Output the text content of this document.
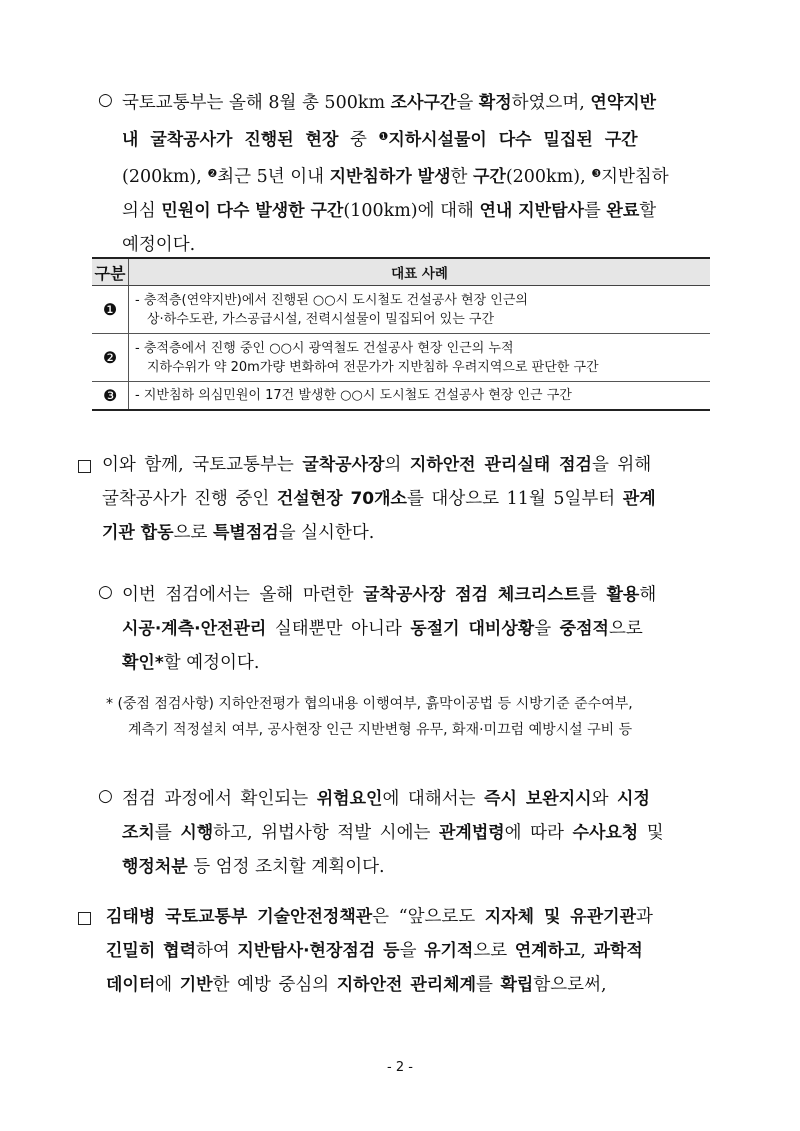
○ 국토교통부는 올해 8월 총 500km 조사구간을 확정하였으며, 연약지반
내 굴착공사가 진행된 현장 중 $^❶$지하시설물이 다수 밀집된 구간
(200km), $^❷$최근 5년 이내 지반침하가 발생한 구간(200km), $^❸$지반침하
의심 민원이 다수 발생한 구간(100km)에 대해 연내 지반탐사를 완료할
예정이다.
구분	대표 사례
❶	- 충적층(연약지반)에서 진행된 ○○시 도시철도 건설공사 현장 인근의
상·하수도관, 가스공급시설, 전력시설물이 밀집되어 있는 구간

❷	- 충적층에서 진행 중인 ○○시 광역철도 건설공사 현장 인근의 누적
지하수위가 약 20m가량 변화하여 전문가가 지반침하 우려지역으로 판단한 구간

❸	- 지반침하 의심민원이 17건 발생한 ○○시 도시철도 건설공사 현장 인근 구간
이와 함께, 국토교통부는 굴착공사장의 지하안전 관리실태 점검을 위해
굴착공사가 진행 중인 건설현장 70개소를 대상으로 11월 5일부터 관계
기관 합동으로 특별점검을 실시한다.
○ 이번 점검에서는 올해 마련한 굴착공사장 점검 체크리스트를 활용해
시공·계측·안전관리 실태뿐만 아니라 동절기 대비상황을 중점적으로
확인*할 예정이다.
* (중점 점검사항) 지하안전평가 협의내용 이행여부, 흙막이공법 등 시방기준 준수여부,
계측기 적정설치 여부, 공사현장 인근 지반변형 유무, 화재·미끄럼 예방시설 구비 등
○ 점검 과정에서 확인되는 위험요인에 대해서는 즉시 보완지시와 시정
조치를 시행하고, 위법사항 적발 시에는 관계법령에 따라 수사요청 및
행정처분 등 엄정 조치할 계획이다.
김태병 국토교통부 기술안전정책관은 “앞으로도 지자체 및 유관기관과
긴밀히 협력하여 지반탐사·현장점검 등을 유기적으로 연계하고, 과학적
데이터에 기반한 예방 중심의 지하안전 관리체계를 확립함으로써,
- 2 -
